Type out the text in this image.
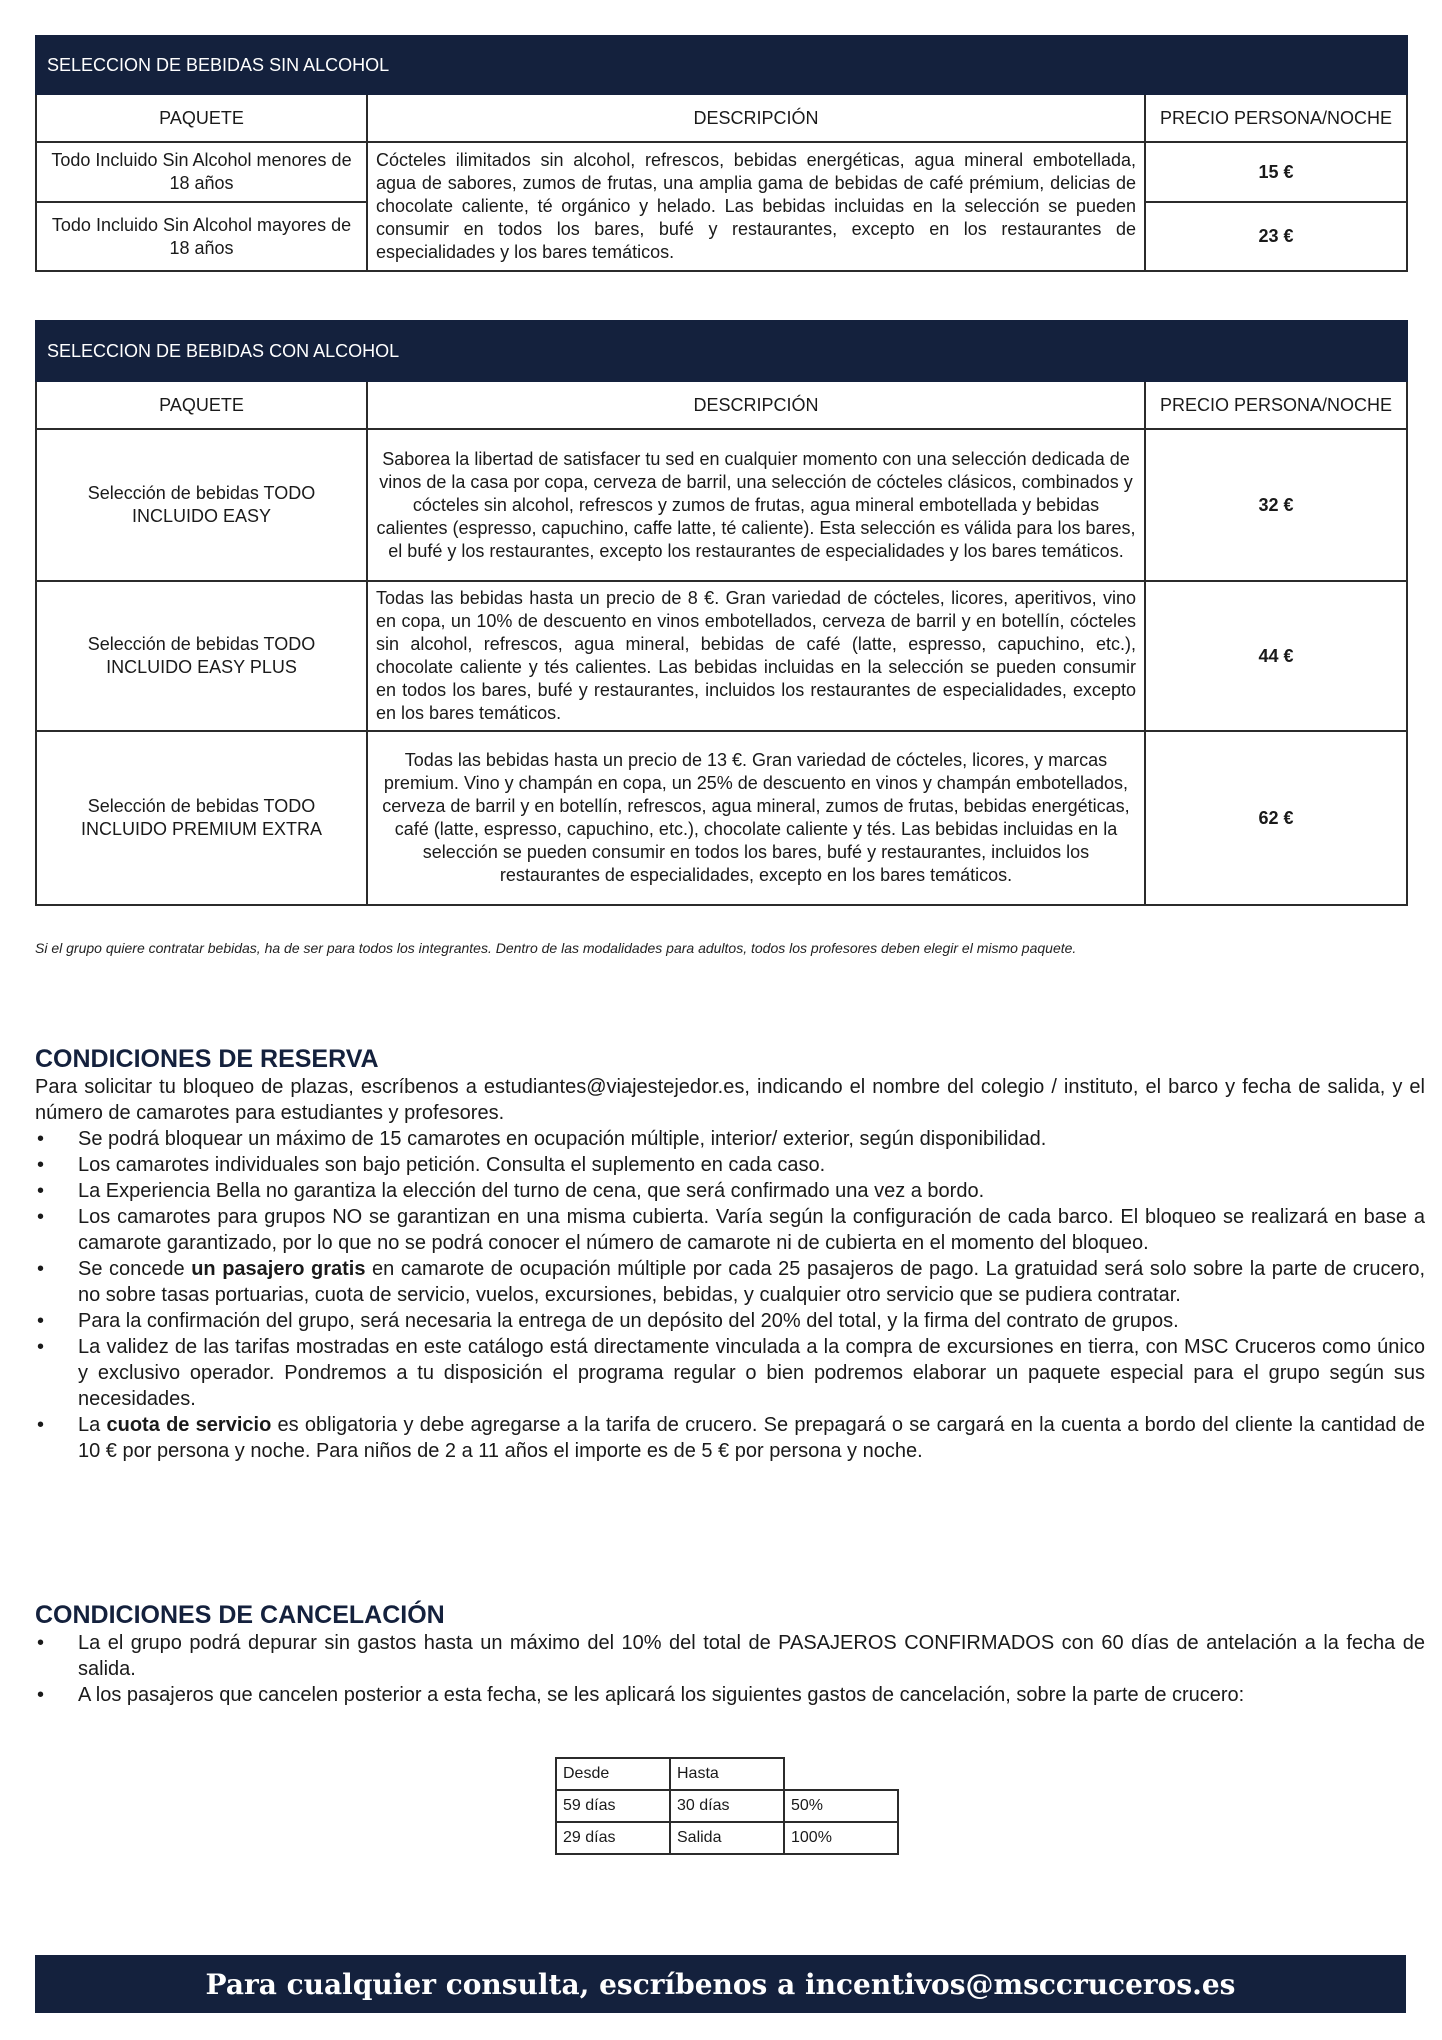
SELECCION DE BEBIDAS SIN ALCOHOL		
PAQUETE	DESCRIPCIÓN	PRECIO PERSONA/NOCHE
Todo Incluido Sin Alcohol menores de 18 años	Cócteles ilimitados sin alcohol, refrescos, bebidas energéticas, agua mineral embotellada, agua de sabores, zumos de frutas, una amplia gama de bebidas de café prémium, delicias de chocolate caliente, té orgánico y helado. Las bebidas incluidas en la selección se pueden consumir en todos los bares, bufé y restaurantes, excepto en los restaurantes de especialidades y los bares temáticos.	15 €
Todo Incluido Sin Alcohol mayores de 18 años		23 €
SELECCION DE BEBIDAS CON ALCOHOL		
PAQUETE	DESCRIPCIÓN	PRECIO PERSONA/NOCHE
Selección de bebidas TODO INCLUIDO EASY	Saborea la libertad de satisfacer tu sed en cualquier momento con una selección dedicada de vinos de la casa por copa, cerveza de barril, una selección de cócteles clásicos, combinados y cócteles sin alcohol, refrescos y zumos de frutas, agua mineral embotellada y bebidas calientes (espresso, capuchino, caffe latte, té caliente). Esta selección es válida para los bares, el bufé y los restaurantes, excepto los restaurantes de especialidades y los bares temáticos.	32 €
Selección de bebidas TODO INCLUIDO EASY PLUS	Todas las bebidas hasta un precio de 8 €. Gran variedad de cócteles, licores, aperitivos, vino en copa, un 10% de descuento en vinos embotellados, cerveza de barril y en botellín, cócteles sin alcohol, refrescos, agua mineral, bebidas de café (latte, espresso, capuchino, etc.), chocolate caliente y tés calientes. Las bebidas incluidas en la selección se pueden consumir en todos los bares, bufé y restaurantes, incluidos los restaurantes de especialidades, excepto en los bares temáticos.	44 €
Selección de bebidas TODO INCLUIDO PREMIUM EXTRA	Todas las bebidas hasta un precio de 13 €. Gran variedad de cócteles, licores, y marcas premium. Vino y champán en copa, un 25% de descuento en vinos y champán embotellados, cerveza de barril y en botellín, refrescos, agua mineral, zumos de frutas, bebidas energéticas, café (latte, espresso, capuchino, etc.), chocolate caliente y tés. Las bebidas incluidas en la selección se pueden consumir en todos los bares, bufé y restaurantes, incluidos los restaurantes de especialidades, excepto en los bares temáticos.	62 €

Si el grupo quiere contratar bebidas, ha de ser para todos los integrantes. Dentro de las modalidades para adultos, todos los profesores deben elegir el mismo paquete.

CONDICIONES DE RESERVA

Para solicitar tu bloqueo de plazas, escríbenos a estudiantes@viajestejedor.es, indicando el nombre del colegio / instituto, el barco y fecha de salida, y el número de camarotes para estudiantes y profesores.

• Se podrá bloquear un máximo de 15 camarotes en ocupación múltiple, interior/ exterior, según disponibilidad.
• Los camarotes individuales son bajo petición. Consulta el suplemento en cada caso.
• La Experiencia Bella no garantiza la elección del turno de cena, que será confirmado una vez a bordo.
• Los camarotes para grupos NO se garantizan en una misma cubierta. Varía según la configuración de cada barco. El bloqueo se realizará en base a camarote garantizado, por lo que no se podrá conocer el número de camarote ni de cubierta en el momento del bloqueo.
• Se concede un pasajero gratis en camarote de ocupación múltiple por cada 25 pasajeros de pago. La gratuidad será solo sobre la parte de crucero, no sobre tasas portuarias, cuota de servicio, vuelos, excursiones, bebidas, y cualquier otro servicio que se pudiera contratar.
• Para la confirmación del grupo, será necesaria la entrega de un depósito del 20% del total, y la firma del contrato de grupos.
• La validez de las tarifas mostradas en este catálogo está directamente vinculada a la compra de excursiones en tierra, con MSC Cruceros como único y exclusivo operador. Pondremos a tu disposición el programa regular o bien podremos elaborar un paquete especial para el grupo según sus necesidades.
• La cuota de servicio es obligatoria y debe agregarse a la tarifa de crucero. Se prepagará o se cargará en la cuenta a bordo del cliente la cantidad de 10 € por persona y noche. Para niños de 2 a 11 años el importe es de 5 € por persona y noche.
CONDICIONES DE CANCELACIÓN
• La el grupo podrá depurar sin gastos hasta un máximo del 10% del total de PASAJEROS CONFIRMADOS con 60 días de antelación a la fecha de salida.
• A los pasajeros que cancelen posterior a esta fecha, se les aplicará los siguientes gastos de cancelación, sobre la parte de crucero:
Desde	Hasta	
59 días	30 días	50%
29 días	Salida	100%
Para cualquier consulta, escríbenos a incentivos@msccruceros.es
